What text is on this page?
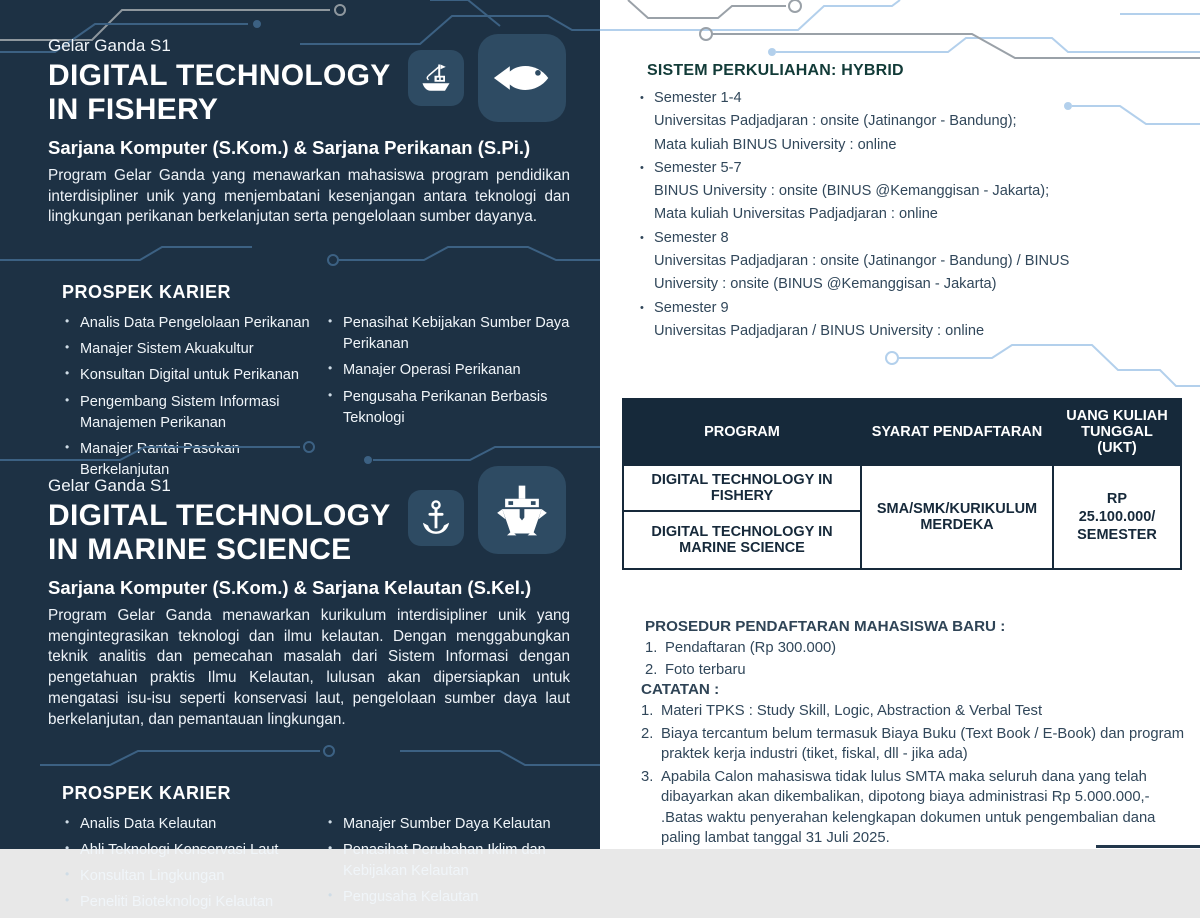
Gelar Ganda S1

DIGITAL TECHNOLOGY IN FISHERY

Sarjana Komputer (S.Kom.) & Sarjana Perikanan (S.Pi.)

Program Gelar Ganda yang menawarkan mahasiswa program pendidikan interdisipliner unik yang menjembatani kesenjangan antara teknologi dan lingkungan perikanan berkelanjutan serta pengelolaan sumber dayanya.

PROSPEK KARIER
• Analis Data Pengelolaan Perikanan
• Manajer Sistem Akuakultur
• Konsultan Digital untuk Perikanan
• Pengembang Sistem Informasi Manajemen Perikanan
• Manajer Rantai Pasokan Berkelanjutan
• Penasihat Kebijakan Sumber Daya Perikanan
• Manajer Operasi Perikanan
• Pengusaha Perikanan Berbasis Teknologi

Gelar Ganda S1

DIGITAL TECHNOLOGY IN MARINE SCIENCE

Sarjana Komputer (S.Kom.) & Sarjana Kelautan (S.Kel.)

Program Gelar Ganda menawarkan kurikulum interdisipliner unik yang mengintegrasikan teknologi dan ilmu kelautan. Dengan menggabungkan teknik analitis dan pemecahan masalah dari Sistem Informasi dengan pengetahuan praktis Ilmu Kelautan, lulusan akan dipersiapkan untuk mengatasi isu-isu seperti konservasi laut, pengelolaan sumber daya laut berkelanjutan, dan pemantauan lingkungan.

PROSPEK KARIER
• Analis Data Kelautan
• Ahli Teknologi Konservasi Laut
• Konsultan Lingkungan
• Peneliti Bioteknologi Kelautan
• Manajer Sumber Daya Kelautan
• Penasihat Perubahan Iklim dan Kebijakan Kelautan
• Pengusaha Kelautan
SISTEM PERKULIAHAN: HYBRID
• Semester 1-4
Universitas Padjadjaran : onsite (Jatinangor - Bandung);
Mata kuliah BINUS University : online
• Semester 5-7
BINUS University : onsite (BINUS @Kemanggisan - Jakarta);
Mata kuliah Universitas Padjadjaran : online
• Semester 8
Universitas Padjadjaran : onsite (Jatinangor - Bandung) / BINUS
University : onsite (BINUS @Kemanggisan - Jakarta)
• Semester 9
Universitas Padjadjaran / BINUS University : online
PROGRAM	SYARAT PENDAFTARAN	UANG KULIAH TUNGGAL (UKT)
DIGITAL TECHNOLOGY IN FISHERY	SMA/SMK/KURIKULUM MERDEKA	RP 25.100.000/ SEMESTER

DIGITAL TECHNOLOGY IN MARINE SCIENCE		

PROSEDUR PENDAFTARAN MAHASISWA BARU :

Pendaftaran (Rp 300.000)
Foto terbaru

CATATAN :

Materi TPKS : Study Skill, Logic, Abstraction & Verbal Test
Biaya tercantum belum termasuk Biaya Buku (Text Book / E-Book) dan program praktek kerja industri (tiket, fiskal, dll - jika ada)
Apabila Calon mahasiswa tidak lulus SMTA maka seluruh dana yang telah dibayarkan akan dikembalikan, dipotong biaya administrasi Rp 5.000.000,- .Batas waktu penyerahan kelengkapan dokumen untuk pengembalian dana paling lambat tanggal 31 Juli 2025.
